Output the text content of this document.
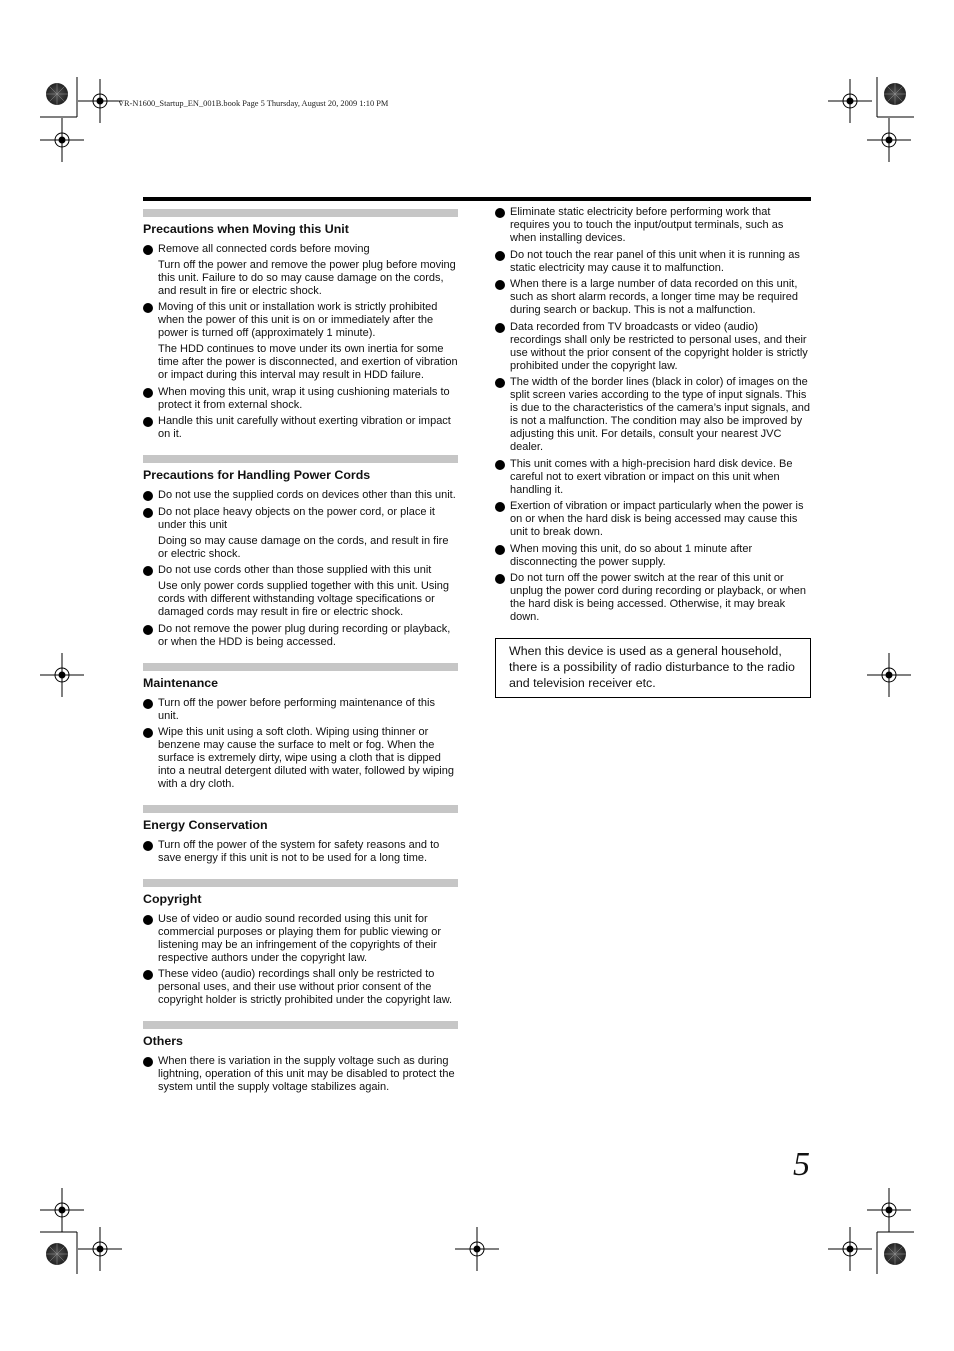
VR-N1600_Startup_EN_001B.book Page 5 Thursday, August 20, 2009 1:10 PM
Precautions when Moving this Unit
Remove all connected cords before moving
Turn off the power and remove the power plug before moving this unit. Failure to do so may cause damage on the cords, and result in fire or electric shock.
Moving of this unit or installation work is strictly prohibited when the power of this unit is on or immediately after the power is turned off (approximately 1 minute).
The HDD continues to move under its own inertia for some time after the power is disconnected, and exertion of vibration or impact during this interval may result in HDD failure.
When moving this unit, wrap it using cushioning materials to protect it from external shock.
Handle this unit carefully without exerting vibration or impact on it.
Precautions for Handling Power Cords
Do not use the supplied cords on devices other than this unit.
Do not place heavy objects on the power cord, or place it under this unit
Doing so may cause damage on the cords, and result in fire or electric shock.
Do not use cords other than those supplied with this unit
Use only power cords supplied together with this unit. Using cords with different withstanding voltage specifications or damaged cords may result in fire or electric shock.
Do not remove the power plug during recording or playback, or when the HDD is being accessed.
Maintenance
Turn off the power before performing maintenance of this unit.
Wipe this unit using a soft cloth. Wiping using thinner or benzene may cause the surface to melt or fog. When the surface is extremely dirty, wipe using a cloth that is dipped into a neutral detergent diluted with water, followed by wiping with a dry cloth.
Energy Conservation
Turn off the power of the system for safety reasons and to save energy if this unit is not to be used for a long time.
Copyright
Use of video or audio sound recorded using this unit for commercial purposes or playing them for public viewing or listening may be an infringement of the copyrights of their respective authors under the copyright law.
These video (audio) recordings shall only be restricted to personal uses, and their use without prior consent of the copyright holder is strictly prohibited under the copyright law.
Others
When there is variation in the supply voltage such as during lightning, operation of this unit may be disabled to protect the system until the supply voltage stabilizes again.
Eliminate static electricity before performing work that requires you to touch the input/output terminals, such as when installing devices.
Do not touch the rear panel of this unit when it is running as static electricity may cause it to malfunction.
When there is a large number of data recorded on this unit, such as short alarm records, a longer time may be required during search or backup. This is not a malfunction.
Data recorded from TV broadcasts or video (audio) recordings shall only be restricted to personal uses, and their use without the prior consent of the copyright holder is strictly prohibited under the copyright law.
The width of the border lines (black in color) of images on the split screen varies according to the type of input signals. This is due to the characteristics of the camera’s input signals, and is not a malfunction. The condition may also be improved by adjusting this unit. For details, consult your nearest JVC dealer.
This unit comes with a high-precision hard disk device. Be careful not to exert vibration or impact on this unit when handling it.
Exertion of vibration or impact particularly when the power is on or when the hard disk is being accessed may cause this unit to break down.
When moving this unit, do so about 1 minute after disconnecting the power supply.
Do not turn off the power switch at the rear of this unit or unplug the power cord during recording or playback, or when the hard disk is being accessed. Otherwise, it may break down.
When this device is used as a general household, there is a possibility of radio disturbance to the radio and television receiver etc.
5
